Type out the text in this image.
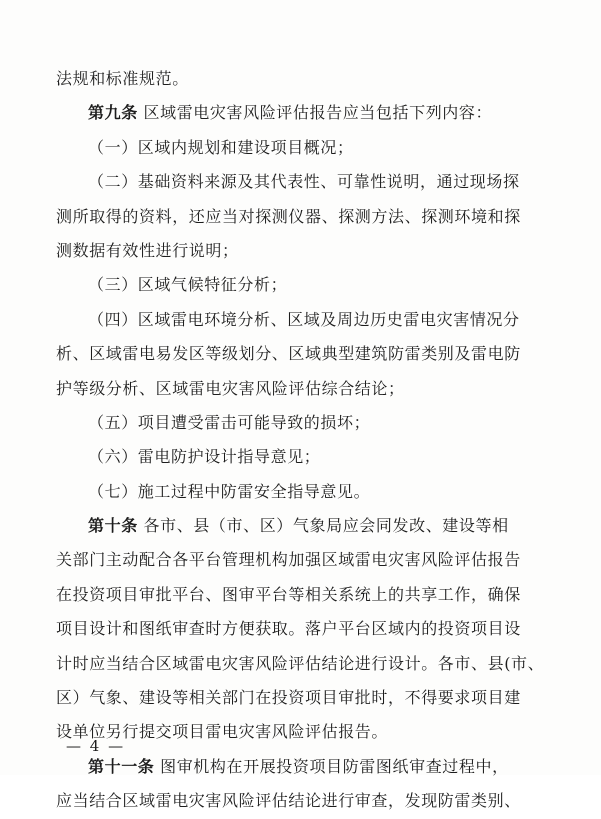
法规和标准规范。
第九条 区域雷电灾害风险评估报告应当包括下列内容：
（一）区域内规划和建设项目概况；
（二）基础资料来源及其代表性、可靠性说明，通过现场探
测所取得的资料，还应当对探测仪器、探测方法、探测环境和探
测数据有效性进行说明；
（三）区域气候特征分析；
（四）区域雷电环境分析、区域及周边历史雷电灾害情况分
析、区域雷电易发区等级划分、区域典型建筑防雷类别及雷电防
护等级分析、区域雷电灾害风险评估综合结论；
（五）项目遭受雷击可能导致的损坏；
（六）雷电防护设计指导意见；
（七）施工过程中防雷安全指导意见。
第十条 各市、县（市、区）气象局应会同发改、建设等相
关部门主动配合各平台管理机构加强区域雷电灾害风险评估报告
在投资项目审批平台、图审平台等相关系统上的共享工作，确保
项目设计和图纸审查时方便获取。落户平台区域内的投资项目设
计时应当结合区域雷电灾害风险评估结论进行设计。各市、县(市、
区）气象、建设等相关部门在投资项目审批时，不得要求项目建
设单位另行提交项目雷电灾害风险评估报告。
第十一条 图审机构在开展投资项目防雷图纸审查过程中，
应当结合区域雷电灾害风险评估结论进行审查，发现防雷类别、
— 4 —
